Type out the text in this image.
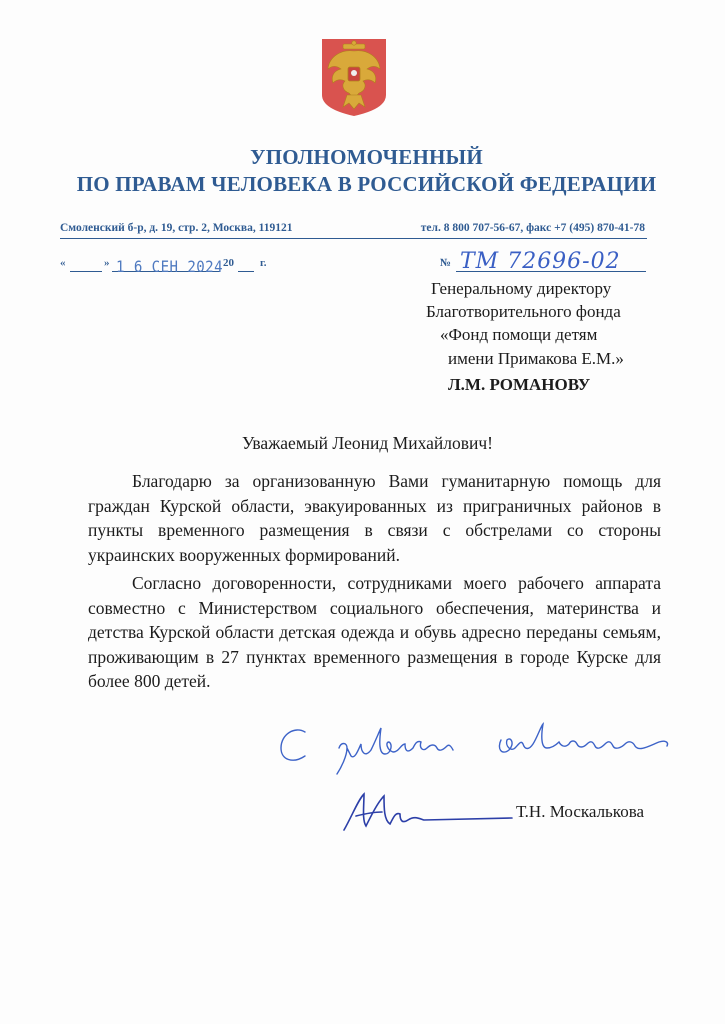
УПОЛНОМОЧЕННЫЙ
ПО ПРАВАМ ЧЕЛОВЕКА В РОССИЙСКОЙ ФЕДЕРАЦИИ
Смоленский б-р, д. 19, стр. 2, Москва, 119121	тел. 8 800 707-56-67, факс +7 (495) 870-41-78
«	» 1 6 СЕН 2024 20 г.	№ ТМ 72696-02
Генеральному директору
Благотворительного фонда
«Фонд помощи детям
имени Примакова Е.М.»
Л.М. РОМАНОВУ
Уважаемый Леонид Михайлович!
Благодарю за организованную Вами гуманитарную помощь для граждан Курской области, эвакуированных из приграничных районов в пункты временного размещения в связи с обстрелами со стороны украинских вооруженных формирований.
Согласно договоренности, сотрудниками моего рабочего аппарата совместно с Министерством социального обеспечения, материнства и детства Курской области детская одежда и обувь адресно переданы семьям, проживающим в 27 пунктах временного размещения в городе Курске для более 800 детей.
Т.Н. Москалькова
